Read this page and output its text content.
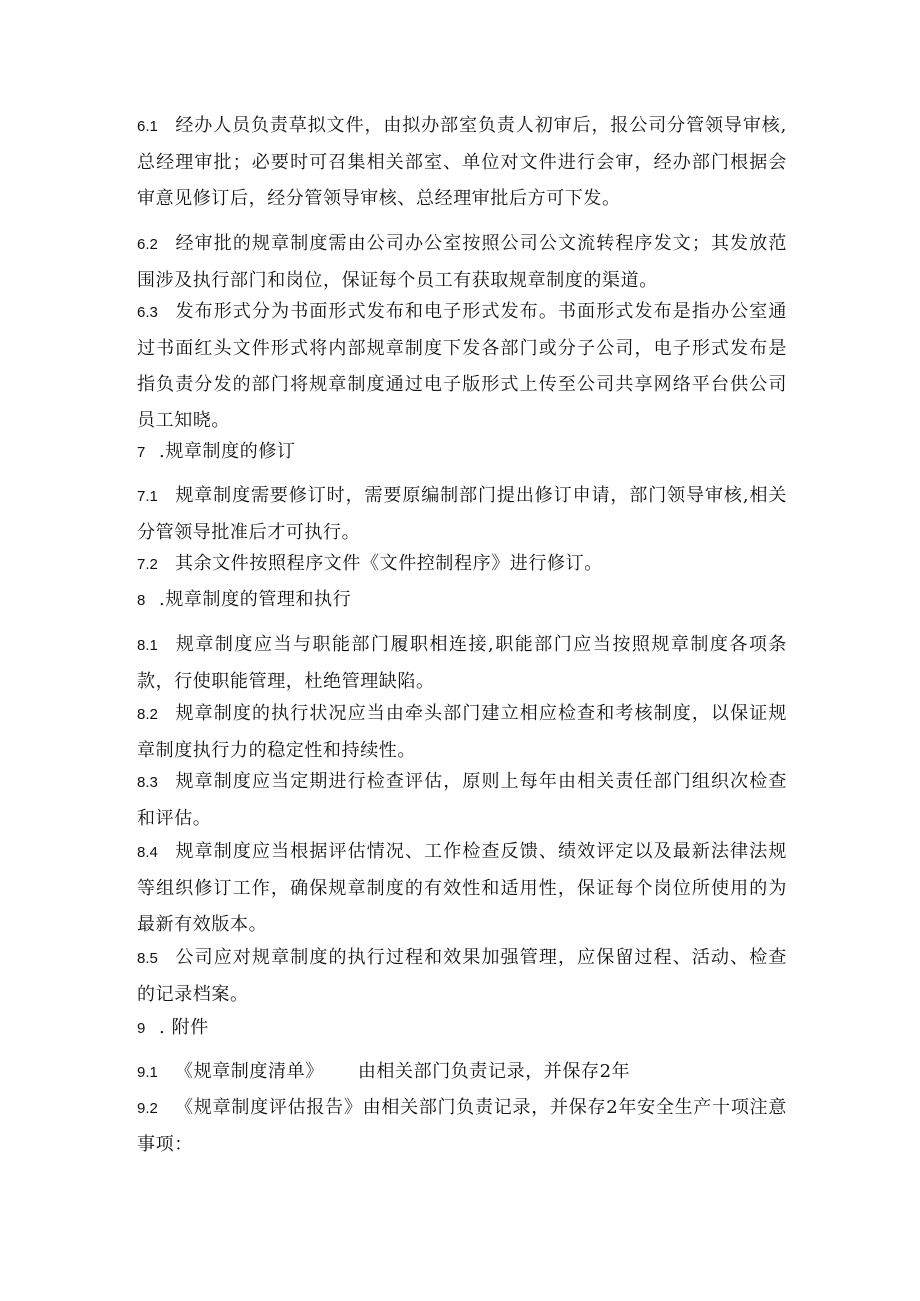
6.1 经办人员负责草拟文件，由拟办部室负责人初审后，报公司分管领导审核,总经理审批；必要时可召集相关部室、单位对文件进行会审，经办部门根据会审意见修订后，经分管领导审核、总经理审批后方可下发。

6.2 经审批的规章制度需由公司办公室按照公司公文流转程序发文；其发放范围涉及执行部门和岗位，保证每个员工有获取规章制度的渠道。

6.3 发布形式分为书面形式发布和电子形式发布。书面形式发布是指办公室通过书面红头文件形式将内部规章制度下发各部门或分子公司，电子形式发布是指负责分发的部门将规章制度通过电子版形式上传至公司共享网络平台供公司员工知晓。

7 .规章制度的修订

7.1 规章制度需要修订时，需要原编制部门提出修订申请，部门领导审核,相关分管领导批准后才可执行。

7.2 其余文件按照程序文件《文件控制程序》进行修订。

8 .规章制度的管理和执行

8.1 规章制度应当与职能部门履职相连接,职能部门应当按照规章制度各项条款，行使职能管理，杜绝管理缺陷。

8.2 规章制度的执行状况应当由牵头部门建立相应检查和考核制度，以保证规章制度执行力的稳定性和持续性。

8.3 规章制度应当定期进行检查评估，原则上每年由相关责任部门组织次检查和评估。

8.4 规章制度应当根据评估情况、工作检查反馈、绩效评定以及最新法律法规等组织修订工作，确保规章制度的有效性和适用性，保证每个岗位所使用的为最新有效版本。

8.5 公司应对规章制度的执行过程和效果加强管理，应保留过程、活动、检查的记录档案。

9 . 附件

9.1 《规章制度清单》 由相关部门负责记录，并保存2年

9.2 《规章制度评估报告》由相关部门负责记录，并保存2年安全生产十项注意事项：
